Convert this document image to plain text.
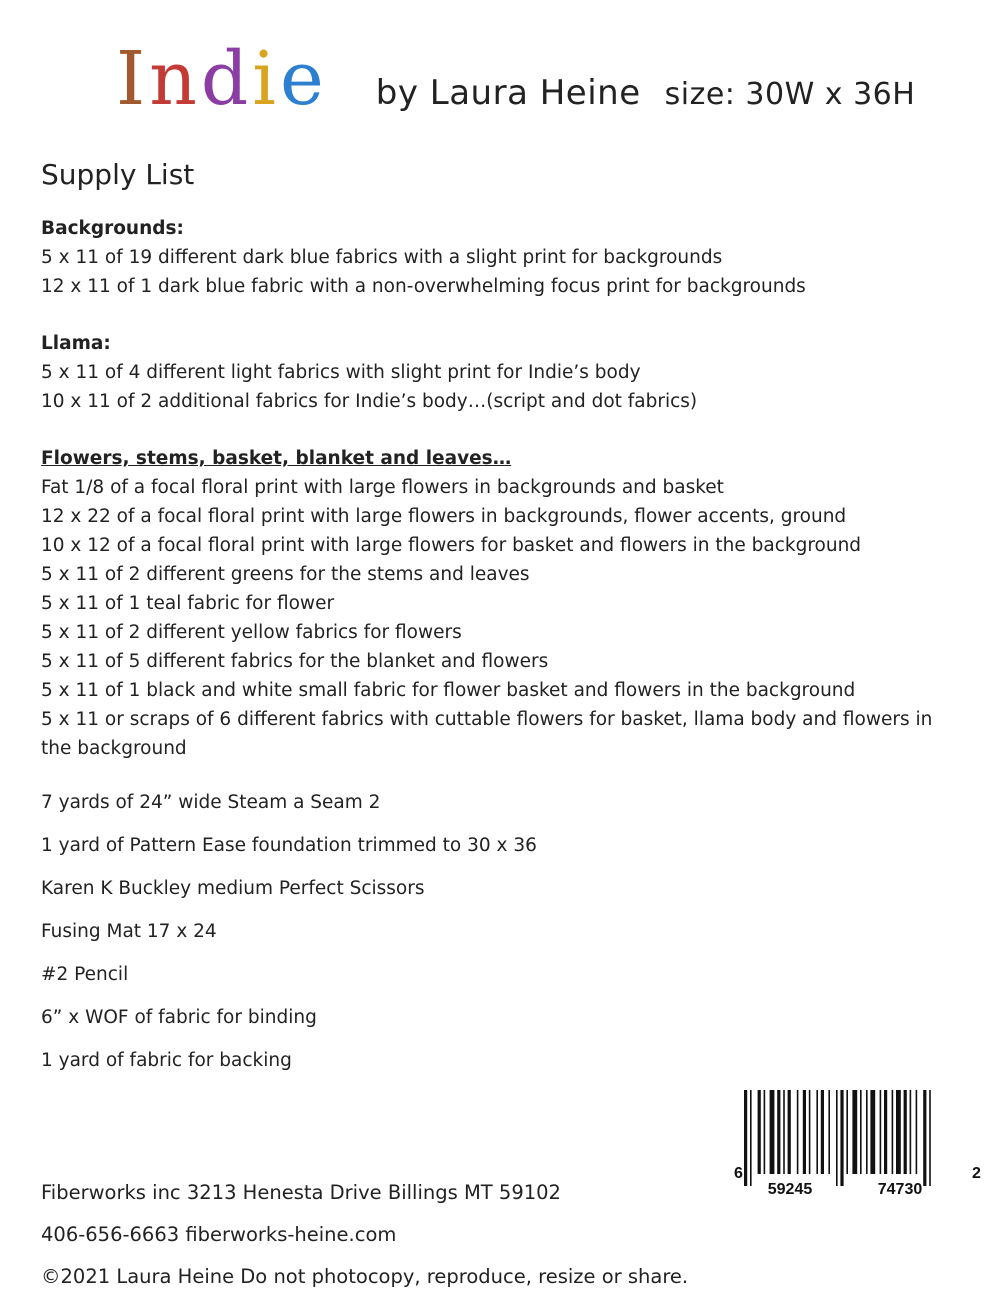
Indie by Laura Heine size: 30W x 36H
Supply List
Backgrounds:
5 x 11 of 19 different dark blue fabrics with a slight print for backgrounds
12 x 11 of 1 dark blue fabric with a non-overwhelming focus print for backgrounds
Llama:
5 x 11 of 4 different light fabrics with slight print for Indie’s body
10 x 11 of 2 additional fabrics for Indie’s body…(script and dot fabrics)
Flowers, stems, basket, blanket and leaves…
Fat 1/8 of a focal floral print with large flowers in backgrounds and basket
12 x 22 of a focal floral print with large flowers in backgrounds, flower accents, ground
10 x 12 of a focal floral print with large flowers for basket and flowers in the background
5 x 11 of 2 different greens for the stems and leaves
5 x 11 of 1 teal fabric for flower
5 x 11 of 2 different yellow fabrics for flowers
5 x 11 of 5 different fabrics for the blanket and flowers
5 x 11 of 1 black and white small fabric for flower basket and flowers in the background
5 x 11 or scraps of 6 different fabrics with cuttable flowers for basket, llama body and flowers in the background
7 yards of 24” wide Steam a Seam 2
1 yard of Pattern Ease foundation trimmed to 30 x 36
Karen K Buckley medium Perfect Scissors
Fusing Mat 17 x 24
#2 Pencil
6” x WOF of fabric for binding
1 yard of fabric for backing
6
59245	74730
2
Fiberworks inc 3213 Henesta Drive Billings MT 59102
406-656-6663 fiberworks-heine.com
©2021 Laura Heine Do not photocopy, reproduce, resize or share.
